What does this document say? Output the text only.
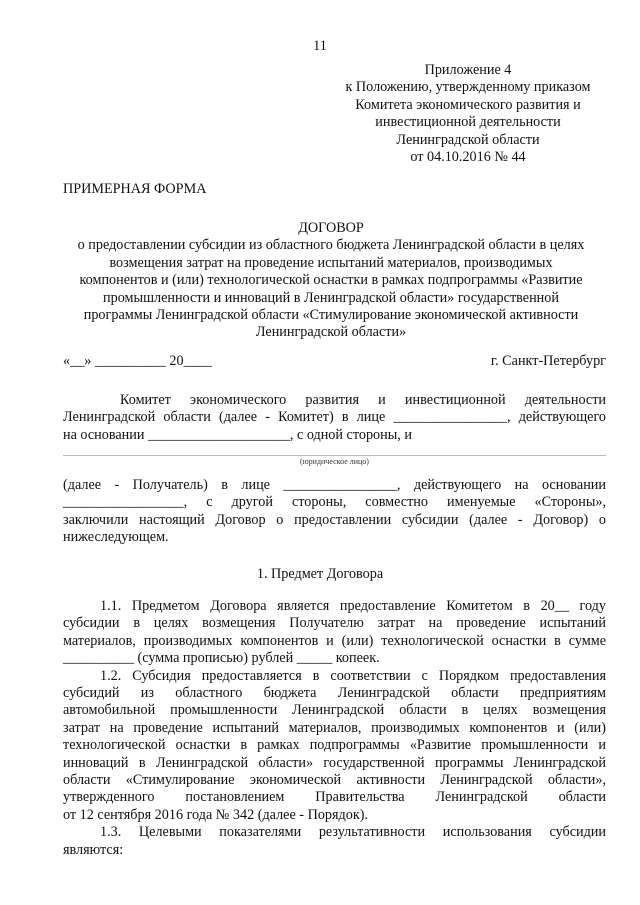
11
Приложение 4
к Положению, утвержденному приказом
Комитета экономического развития и
инвестиционной деятельности
Ленинградской области
от 04.10.2016 № 44
ПРИМЕРНАЯ ФОРМА
ДОГОВОР
о предоставлении субсидии из областного бюджета Ленинградской области в целях
возмещения затрат на проведение испытаний материалов, производимых
компонентов и (или) технологической оснастки в рамках подпрограммы «Развитие
промышленности и инноваций в Ленинградской области» государственной
программы Ленинградской области «Стимулирование экономической активности
Ленинградской области»
«__» __________ 20____	г. Санкт-Петербург
Комитет экономического развития и инвестиционной деятельности
Ленинградской области (далее - Комитет) в лице ________________, действующего
на основании ____________________, с одной стороны, и
(юридическое лицо)
(далее - Получатель) в лице ________________, действующего на основании
_________________, с другой стороны, совместно именуемые «Стороны»,
заключили настоящий Договор о предоставлении субсидии (далее - Договор) о
нижеследующем.
1. Предмет Договора
1.1. Предметом Договора является предоставление Комитетом в 20__ году
субсидии в целях возмещения Получателю затрат на проведение испытаний
материалов, производимых компонентов и (или) технологической оснастки в сумме
__________ (сумма прописью) рублей _____ копеек.
1.2. Субсидия предоставляется в соответствии с Порядком предоставления
субсидий из областного бюджета Ленинградской области предприятиям
автомобильной промышленности Ленинградской области в целях возмещения
затрат на проведение испытаний материалов, производимых компонентов и (или)
технологической оснастки в рамках подпрограммы «Развитие промышленности и
инноваций в Ленинградской области» государственной программы Ленинградской
области «Стимулирование экономической активности Ленинградской области»,
утвержденного постановлением Правительства Ленинградской области
от 12 сентября 2016 года № 342 (далее - Порядок).
1.3. Целевыми показателями результативности использования субсидии
являются:
